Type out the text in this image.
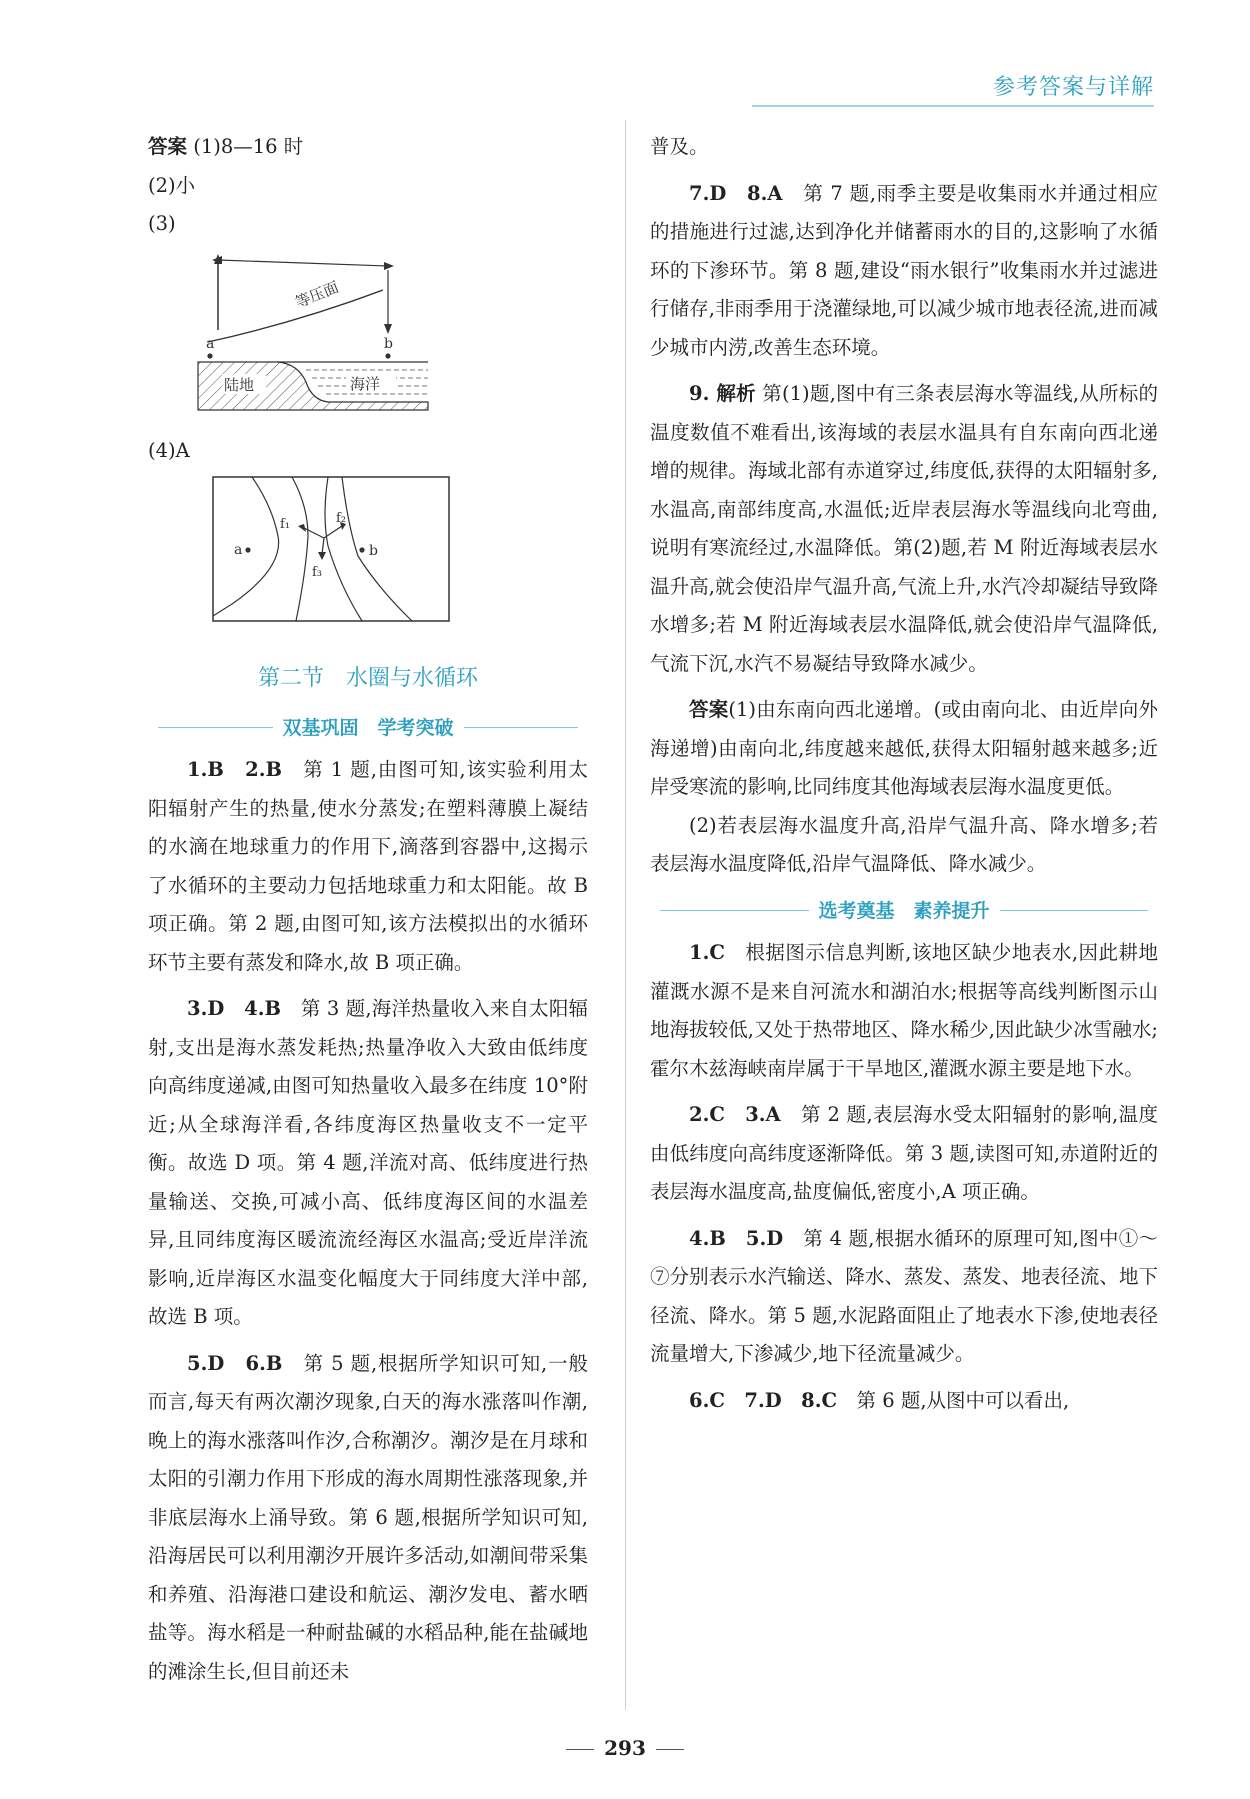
参考答案与详解

答案 (1)8—16 时

(2)小

(3)

等压面
a	b
陆地	海洋

(4)A

a	b
f₁	f₂
f₃
第二节　水圈与水循环
双基巩固　学考突破

1.B　2.B　第 1 题,由图可知,该实验利用太阳辐射产生的热量,使水分蒸发;在塑料薄膜上凝结的水滴在地球重力的作用下,滴落到容器中,这揭示了水循环的主要动力包括地球重力和太阳能。故 B 项正确。第 2 题,由图可知,该方法模拟出的水循环环节主要有蒸发和降水,故 B 项正确。

3.D　4.B　第 3 题,海洋热量收入来自太阳辐射,支出是海水蒸发耗热;热量净收入大致由低纬度向高纬度递减,由图可知热量收入最多在纬度 10°附近;从全球海洋看,各纬度海区热量收支不一定平衡。故选 D 项。第 4 题,洋流对高、低纬度进行热量输送、交换,可减小高、低纬度海区间的水温差异,且同纬度海区暖流流经海区水温高;受近岸洋流影响,近岸海区水温变化幅度大于同纬度大洋中部,故选 B 项。

5.D　6.B　第 5 题,根据所学知识可知,一般而言,每天有两次潮汐现象,白天的海水涨落叫作潮,晚上的海水涨落叫作汐,合称潮汐。潮汐是在月球和太阳的引潮力作用下形成的海水周期性涨落现象,并非底层海水上涌导致。第 6 题,根据所学知识可知,沿海居民可以利用潮汐开展许多活动,如潮间带采集和养殖、沿海港口建设和航运、潮汐发电、蓄水晒盐等。海水稻是一种耐盐碱的水稻品种,能在盐碱地的滩涂生长,但目前还未

普及。

7.D　8.A　第 7 题,雨季主要是收集雨水并通过相应的措施进行过滤,达到净化并储蓄雨水的目的,这影响了水循环的下渗环节。第 8 题,建设“雨水银行”收集雨水并过滤进行储存,非雨季用于浇灌绿地,可以减少城市地表径流,进而减少城市内涝,改善生态环境。

9. 解析 第(1)题,图中有三条表层海水等温线,从所标的温度数值不难看出,该海域的表层水温具有自东南向西北递增的规律。海域北部有赤道穿过,纬度低,获得的太阳辐射多,水温高,南部纬度高,水温低;近岸表层海水等温线向北弯曲,说明有寒流经过,水温降低。第(2)题,若 M 附近海域表层水温升高,就会使沿岸气温升高,气流上升,水汽冷却凝结导致降水增多;若 M 附近海域表层水温降低,就会使沿岸气温降低,气流下沉,水汽不易凝结导致降水减少。

答案(1)由东南向西北递增。(或由南向北、由近岸向外海递增)由南向北,纬度越来越低,获得太阳辐射越来越多;近岸受寒流的影响,比同纬度其他海域表层海水温度更低。

(2)若表层海水温度升高,沿岸气温升高、降水增多;若表层海水温度降低,沿岸气温降低、降水减少。

选考奠基　素养提升

1.C　根据图示信息判断,该地区缺少地表水,因此耕地灌溉水源不是来自河流水和湖泊水;根据等高线判断图示山地海拔较低,又处于热带地区、降水稀少,因此缺少冰雪融水;霍尔木兹海峡南岸属于干旱地区,灌溉水源主要是地下水。

2.C　3.A　第 2 题,表层海水受太阳辐射的影响,温度由低纬度向高纬度逐渐降低。第 3 题,读图可知,赤道附近的表层海水温度高,盐度偏低,密度小,A 项正确。

4.B　5.D　第 4 题,根据水循环的原理可知,图中①～⑦分别表示水汽输送、降水、蒸发、蒸发、地表径流、地下径流、降水。第 5 题,水泥路面阻止了地表水下渗,使地表径流量增大,下渗减少,地下径流量减少。

6.C　7.D　8.C　第 6 题,从图中可以看出,

293
